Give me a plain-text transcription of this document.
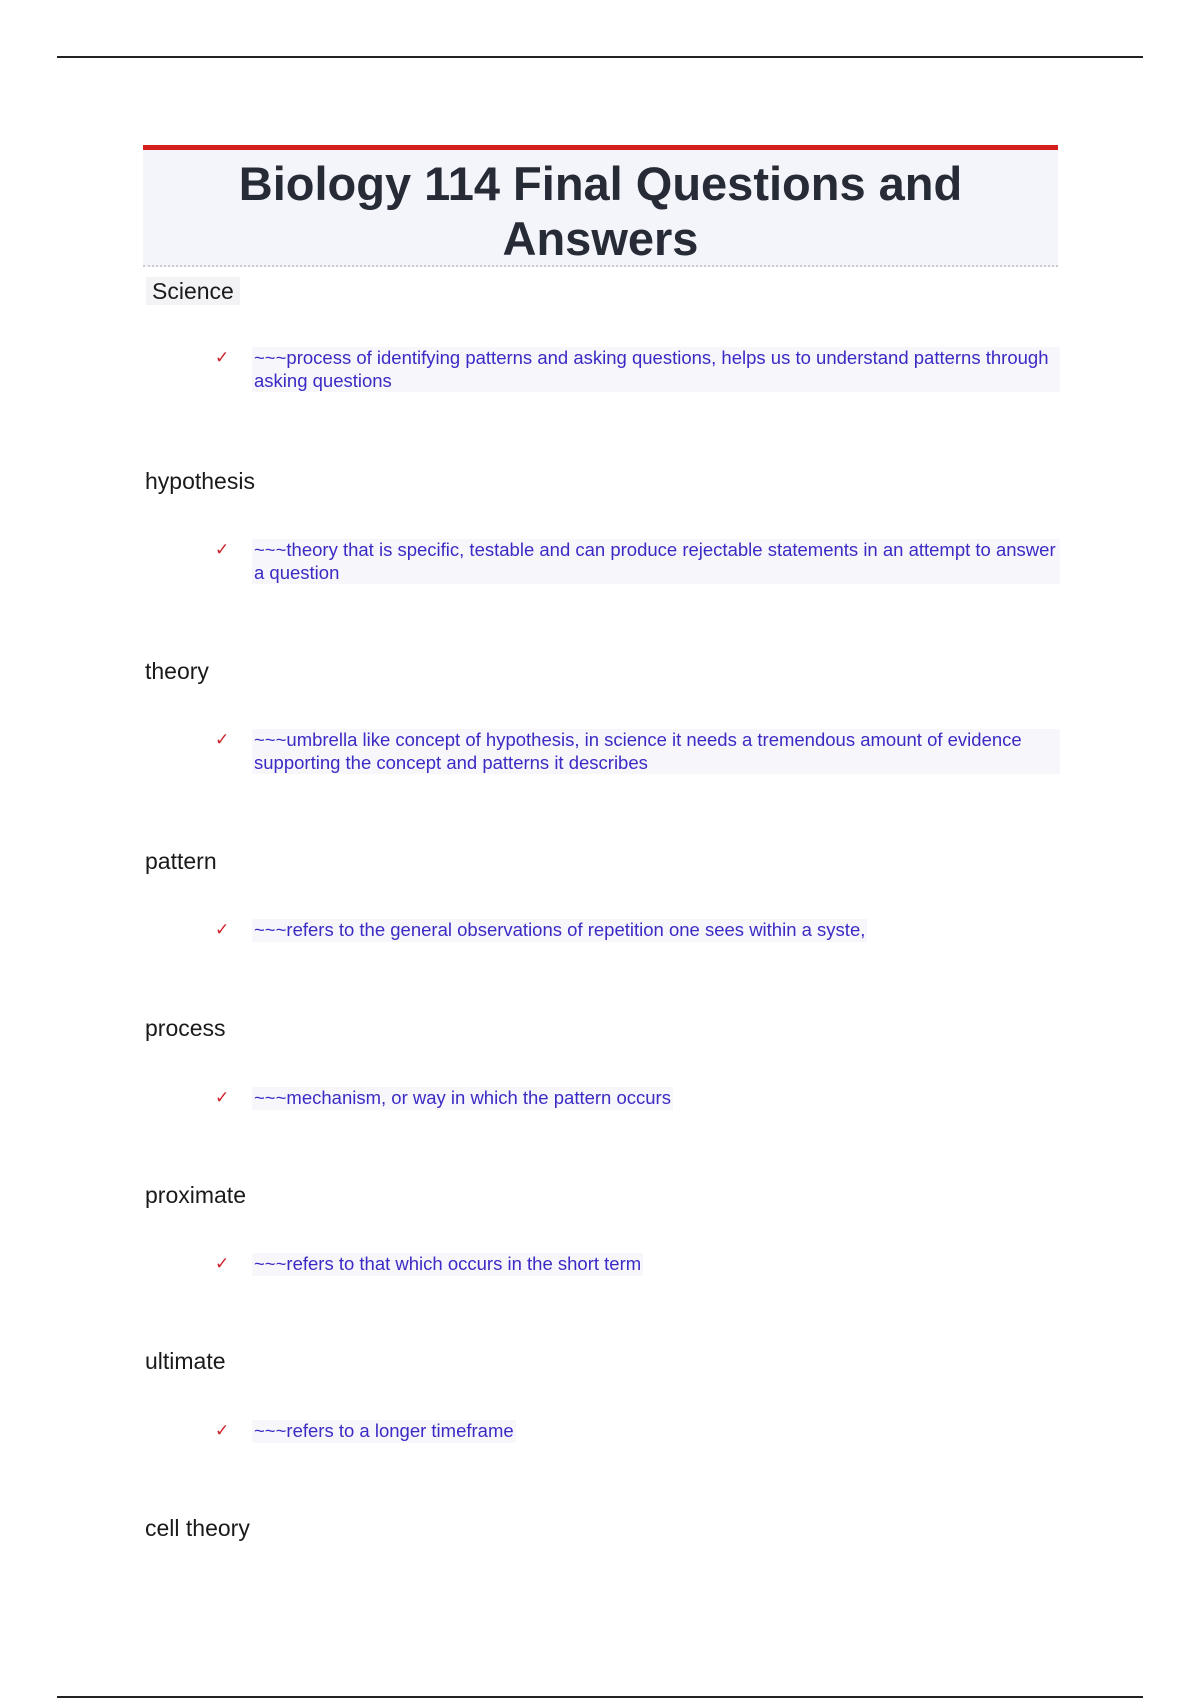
Biology 114 Final Questions and Answers
Science
✓	~~~process of identifying patterns and asking questions, helps us to understand patterns through asking questions
hypothesis
✓	~~~theory that is specific, testable and can produce rejectable statements in an attempt to answer a question
theory
✓	~~~umbrella like concept of hypothesis, in science it needs a tremendous amount of evidence supporting the concept and patterns it describes
pattern
✓	~~~refers to the general observations of repetition one sees within a syste,
process
✓	~~~mechanism, or way in which the pattern occurs
proximate
✓	~~~refers to that which occurs in the short term
ultimate
✓	~~~refers to a longer timeframe
cell theory
